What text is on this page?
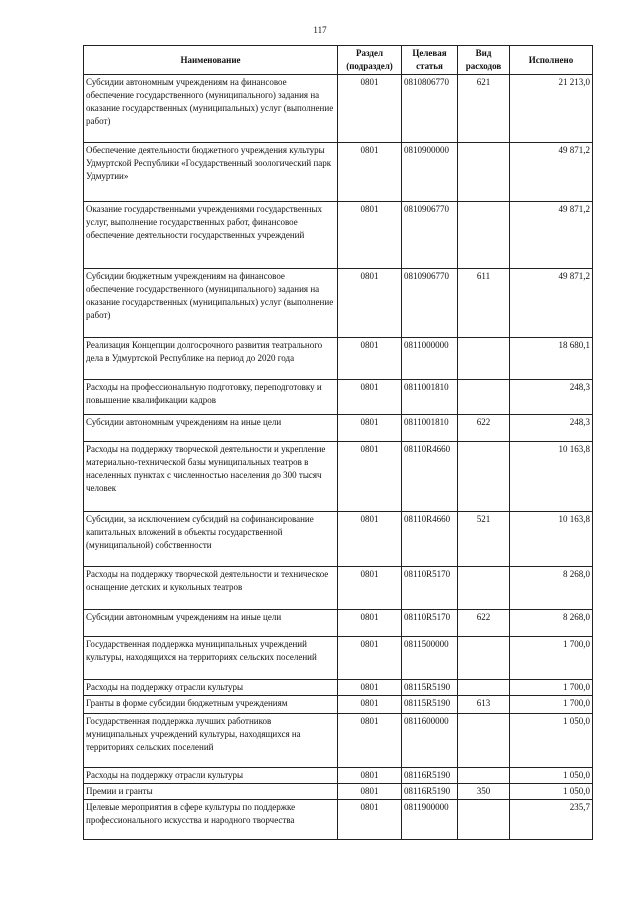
117
Наименование	Раздел (подраздел)	Целевая статья	Вид расходов	Исполнено
Субсидии автономным учреждениям на финансовое обеспечение государственного (муниципального) задания на оказание государственных (муниципальных) услуг (выполнение работ)	0801	0810806770	621	21 213,0
Обеспечение деятельности бюджетного учреждения культуры Удмуртской Республики «Государственный зоологический парк Удмуртии»	0801	0810900000		49 871,2
Оказание государственными учреждениями государственных услуг, выполнение государственных работ, финансовое обеспечение деятельности государственных учреждений	0801	0810906770		49 871,2
Субсидии бюджетным учреждениям на финансовое обеспечение государственного (муниципального) задания на оказание государственных (муниципальных) услуг (выполнение работ)	0801	0810906770	611	49 871,2
Реализация Концепции долгосрочного развития театрального дела в Удмуртской Республике на период до 2020 года	0801	0811000000		18 680,1
Расходы на профессиональную подготовку, переподготовку и повышение квалификации кадров	0801	0811001810		248,3
Субсидии автономным учреждениям на иные цели	0801	0811001810	622	248,3
Расходы на поддержку творческой деятельности и укрепление материально-технической базы муниципальных театров в населенных пунктах с численностью населения до 300 тысяч человек	0801	08110R4660		10 163,8
Субсидии, за исключением субсидий на софинансирование капитальных вложений в объекты государственной (муниципальной) собственности	0801	08110R4660	521	10 163,8
Расходы на поддержку творческой деятельности и техническое оснащение детских и кукольных театров	0801	08110R5170		8 268,0
Субсидии автономным учреждениям на иные цели	0801	08110R5170	622	8 268,0
Государственная поддержка муниципальных учреждений культуры, находящихся на территориях сельских поселений	0801	0811500000		1 700,0
Расходы на поддержку отрасли культуры	0801	08115R5190		1 700,0
Гранты в форме субсидии бюджетным учреждениям	0801	08115R5190	613	1 700,0
Государственная поддержка лучших работников муниципальных учреждений культуры, находящихся на территориях сельских поселений	0801	0811600000		1 050,0
Расходы на поддержку отрасли культуры	0801	08116R5190		1 050,0
Премии и гранты	0801	08116R5190	350	1 050,0
Целевые мероприятия в сфере культуры по поддержке профессионального искусства и народного творчества	0801	0811900000		235,7
